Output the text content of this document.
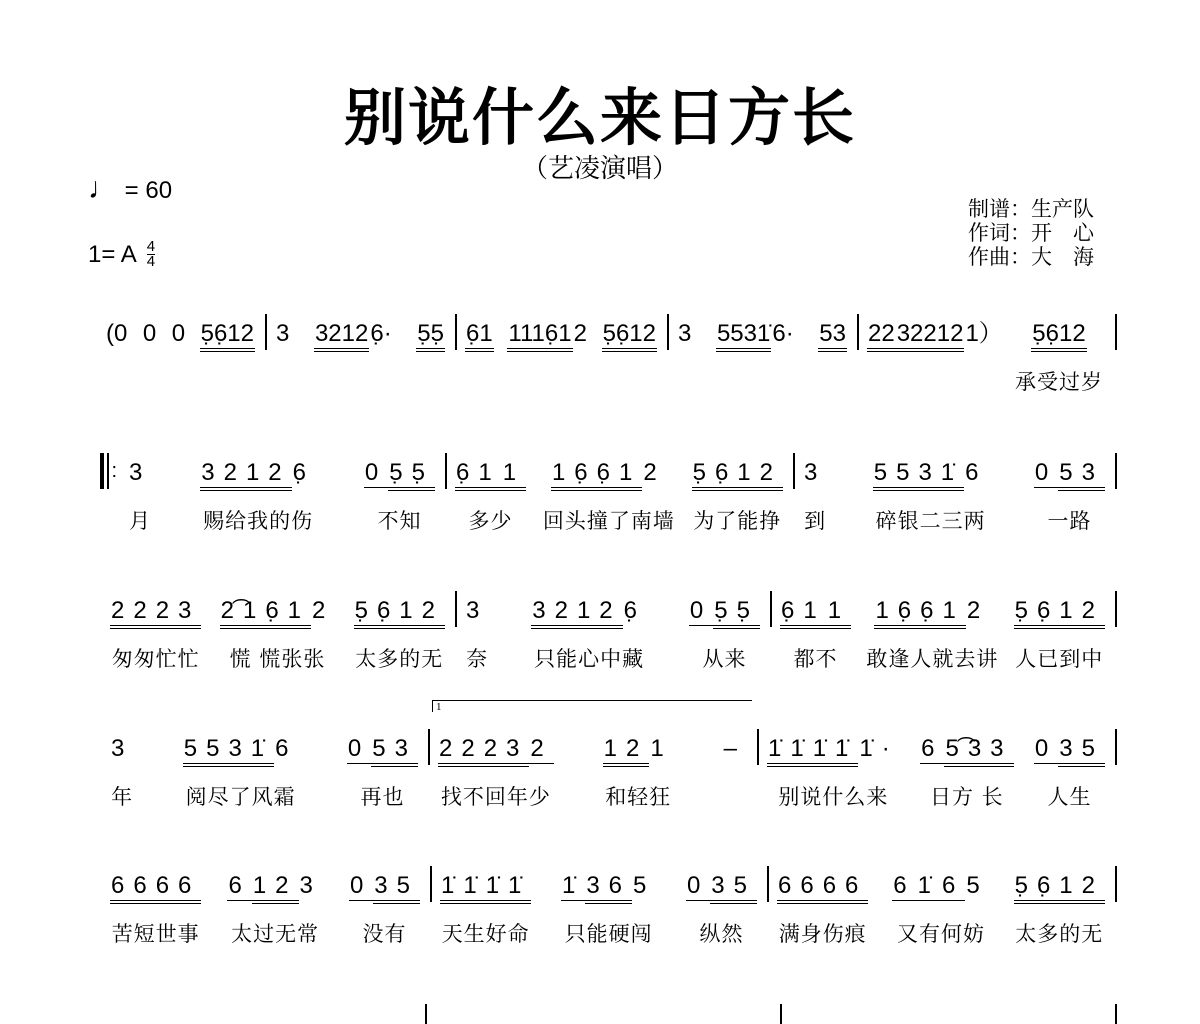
别说什么来日方长
（艺凌演唱）
♩ = 60
1= A $\frac{4}{4}$
制谱：生产队
作词：开　心
作曲：大　海
1
(0
0
0
5̣6̣12
3
3212 6̣·
5̣5̣
6̣1
1116̣1 2
5̣6̣12
3
5531̇ 6·
53
22
32212 1）
5̣6̣12
承受过岁
: 3
月
3212 6̣
赐给我的伤
0 5̣5̣
不知
6̣1 1
多少
16̣6̣1 2
回头撞了南墙
5̣6̣12
为了能挣
3
到
5531̇ 6
碎银二三两
0 53
一路
2223
匆匆忙忙
2͡16̣1 2
慌 慌张张
5̣6̣12
太多的无
3
奈
3212 6̣
只能心中藏
0 5̣5̣
从来
6̣1 1
都不
16̣6̣1 2
敢逢人就去讲
5̣6̣12
人已到中
3
年
5531̇ 6
阅尽了风霜
0 53
再也
2223 2
找不回年少
12 1
和轻狂
–
1̇1̇1̇1̇ 1̇·
别说什么来
6 5͡33
日方 长
0 35
人生
6666
苦短世事
6 12 3
太过无常
0 35
没有
1̇1̇1̇1̇
天生好命
1̇ 36 5
只能硬闯
0 35
纵然
6666
满身伤痕
6 1̇ 6 5
又有何妨
5̣6̣12
太多的无
